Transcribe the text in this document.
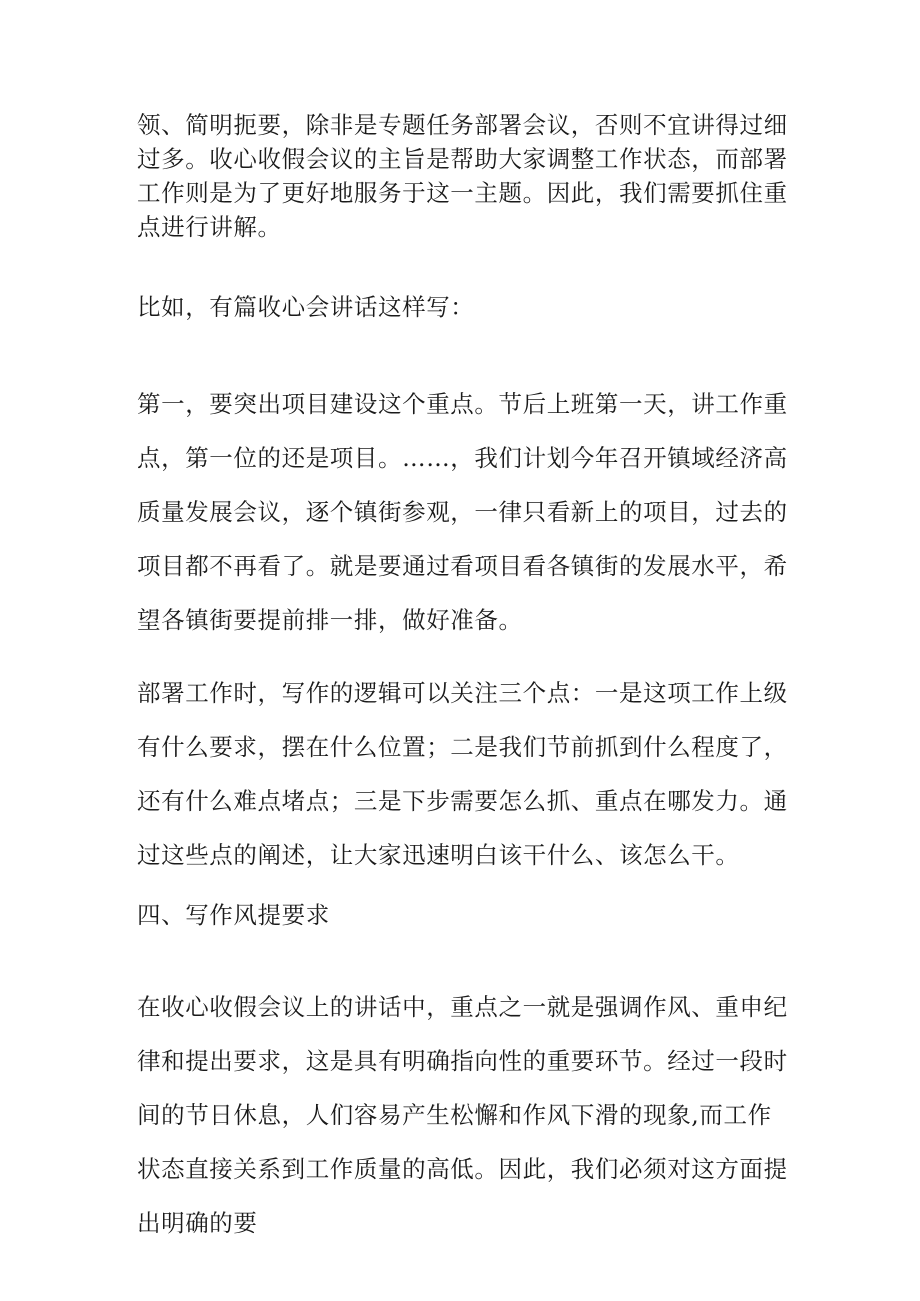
领、简明扼要，除非是专题任务部署会议，否则不宜讲得过细过多。收心收假会议的主旨是帮助大家调整工作状态，而部署工作则是为了更好地服务于这一主题。因此，我们需要抓住重点进行讲解。

比如，有篇收心会讲话这样写：

第一，要突出项目建设这个重点。节后上班第一天，讲工作重点，第一位的还是项目。……，我们计划今年召开镇域经济高质量发展会议，逐个镇街参观，一律只看新上的项目，过去的项目都不再看了。就是要通过看项目看各镇街的发展水平，希望各镇街要提前排一排，做好准备。

部署工作时，写作的逻辑可以关注三个点：一是这项工作上级有什么要求，摆在什么位置；二是我们节前抓到什么程度了，还有什么难点堵点；三是下步需要怎么抓、重点在哪发力。通过这些点的阐述，让大家迅速明白该干什么、该怎么干。

四、写作风提要求

在收心收假会议上的讲话中，重点之一就是强调作风、重申纪律和提出要求，这是具有明确指向性的重要环节。经过一段时间的节日休息，人们容易产生松懈和作风下滑的现象,而工作状态直接关系到工作质量的高低。因此，我们必须对这方面提出明确的要
